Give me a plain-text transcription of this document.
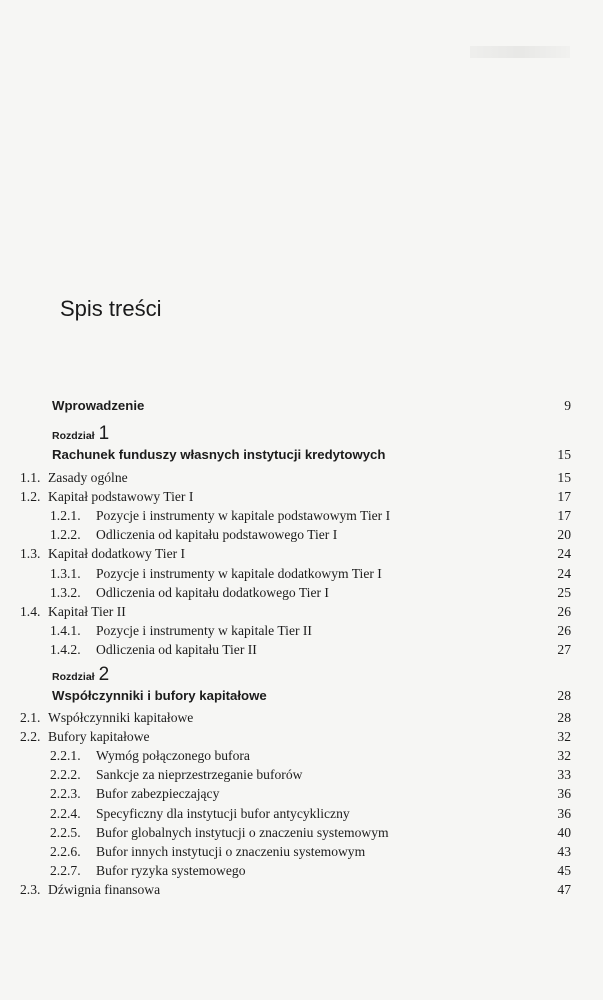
Spis treści
Wprowadzenie	9
Rozdział 1
Rachunek funduszy własnych instytucji kredytowych	15
1.1. Zasady ogólne	15
1.2. Kapitał podstawowy Tier I	17
1.2.1. Pozycje i instrumenty w kapitale podstawowym Tier I	17
1.2.2. Odliczenia od kapitału podstawowego Tier I	20
1.3. Kapitał dodatkowy Tier I	24
1.3.1. Pozycje i instrumenty w kapitale dodatkowym Tier I	24
1.3.2. Odliczenia od kapitału dodatkowego Tier I	25
1.4. Kapitał Tier II	26
1.4.1. Pozycje i instrumenty w kapitale Tier II	26
1.4.2. Odliczenia od kapitału Tier II	27
Rozdział 2
Współczynniki i bufory kapitałowe	28
2.1. Współczynniki kapitałowe	28
2.2. Bufory kapitałowe	32
2.2.1. Wymóg połączonego bufora	32
2.2.2. Sankcje za nieprzestrzeganie buforów	33
2.2.3. Bufor zabezpieczający	36
2.2.4. Specyficzny dla instytucji bufor antycykliczny	36
2.2.5. Bufor globalnych instytucji o znaczeniu systemowym	40
2.2.6. Bufor innych instytucji o znaczeniu systemowym	43
2.2.7. Bufor ryzyka systemowego	45
2.3. Dźwignia finansowa	47
